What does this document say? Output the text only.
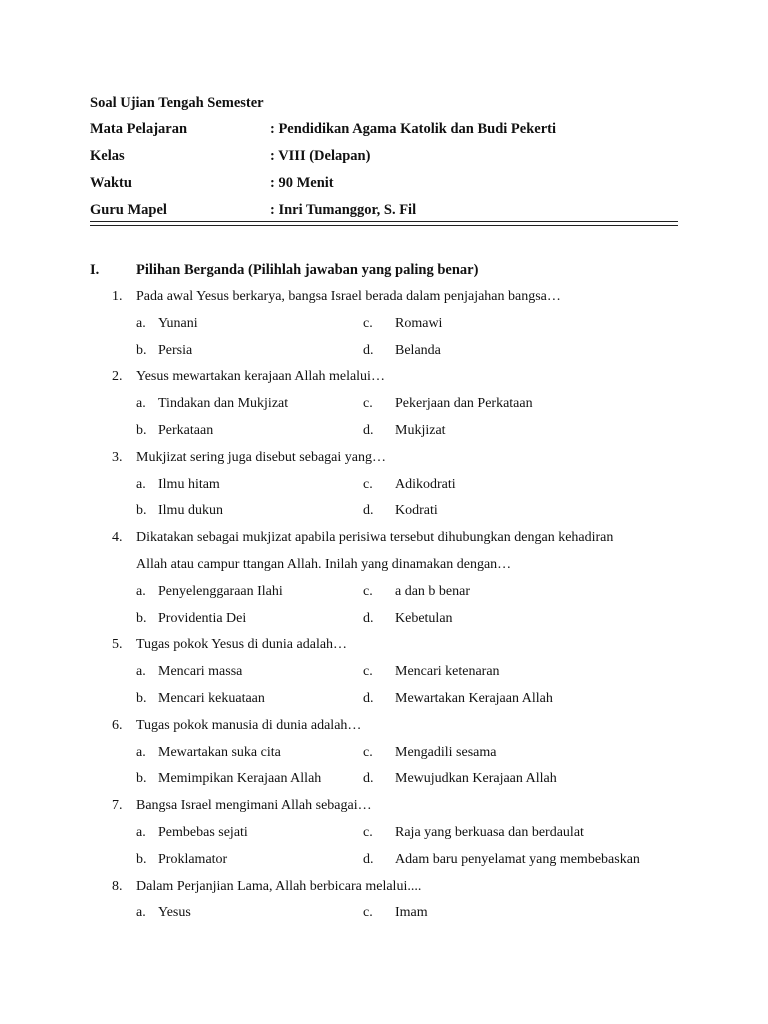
Soal Ujian Tengah Semester
Mata Pelajaran	: Pendidikan Agama Katolik dan Budi Pekerti
Kelas	: VIII (Delapan)
Waktu	: 90 Menit
Guru Mapel	: Inri Tumanggor, S. Fil
I.	Pilihan Berganda (Pilihlah jawaban yang paling benar)
1. Pada awal Yesus berkarya, bangsa Israel berada dalam penjajahan bangsa…
a. Yunani	c. Romawi
b. Persia	d. Belanda
2. Yesus mewartakan kerajaan Allah melalui…
a. Tindakan dan Mukjizat	c. Pekerjaan dan Perkataan
b. Perkataan	d. Mukjizat
3. Mukjizat sering juga disebut sebagai yang…
a. Ilmu hitam	c. Adikodrati
b. Ilmu dukun	d. Kodrati
4. Dikatakan sebagai mukjizat apabila perisiwa tersebut dihubungkan dengan kehadiran
Allah atau campur ttangan Allah. Inilah yang dinamakan dengan…
a. Penyelenggaraan Ilahi	c. a dan b benar
b. Providentia Dei	d. Kebetulan
5. Tugas pokok Yesus di dunia adalah…
a. Mencari massa	c. Mencari ketenaran
b. Mencari kekuataan	d. Mewartakan Kerajaan Allah
6. Tugas pokok manusia di dunia adalah…
a. Mewartakan suka cita	c. Mengadili sesama
b. Memimpikan Kerajaan Allah	d. Mewujudkan Kerajaan Allah
7. Bangsa Israel mengimani Allah sebagai…
a. Pembebas sejati	c. Raja yang berkuasa dan berdaulat
b. Proklamator	d. Adam baru penyelamat yang membebaskan
8. Dalam Perjanjian Lama, Allah berbicara melalui....
a. Yesus	c. Imam
